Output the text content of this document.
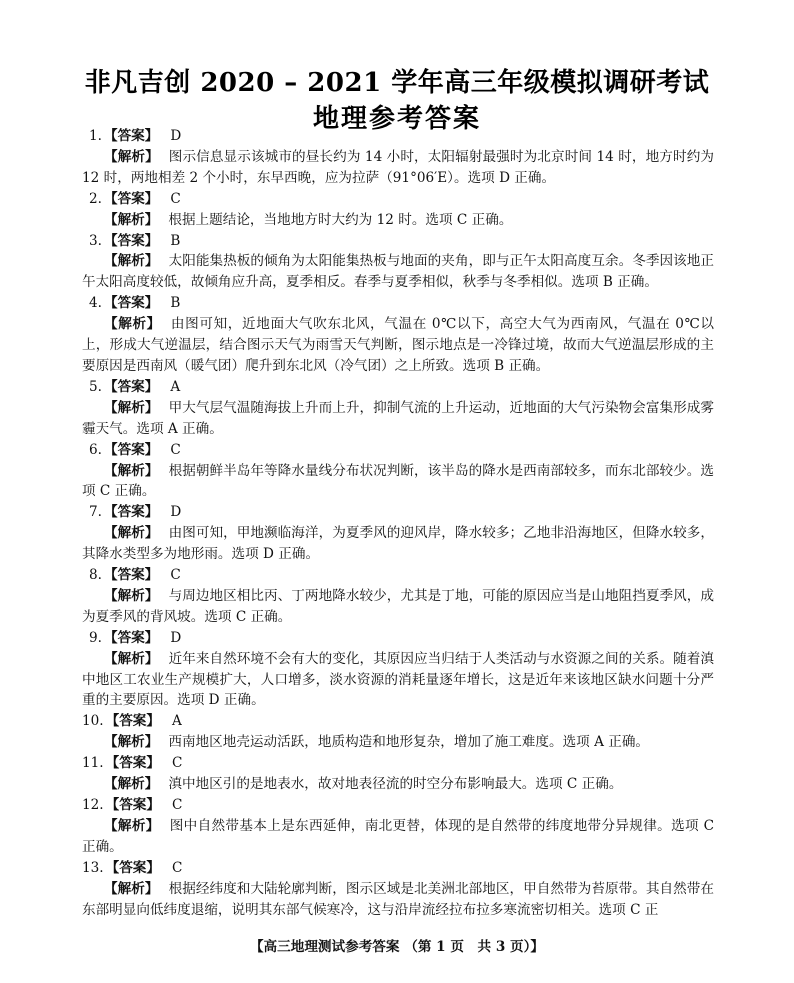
非凡吉创 2020 – 2021 学年高三年级模拟调研考试
地理参考答案
1. 【答案】 D
【解析】 图示信息显示该城市的昼长约为 14 小时，太阳辐射最强时为北京时间 14 时，地方时约为 12 时，两地相差 2 个小时，东早西晚，应为拉萨（91°06′E）。选项 D 正确。
2. 【答案】 C
【解析】 根据上题结论，当地地方时大约为 12 时。选项 C 正确。
3. 【答案】 B
【解析】 太阳能集热板的倾角为太阳能集热板与地面的夹角，即与正午太阳高度互余。冬季因该地正午太阳高度较低，故倾角应升高，夏季相反。春季与夏季相似，秋季与冬季相似。选项 B 正确。
4. 【答案】 B
【解析】 由图可知，近地面大气吹东北风，气温在 0℃以下，高空大气为西南风，气温在 0℃以上，形成大气逆温层，结合图示天气为雨雪天气判断，图示地点是一冷锋过境，故而大气逆温层形成的主要原因是西南风（暖气团）爬升到东北风（冷气团）之上所致。选项 B 正确。
5. 【答案】 A
【解析】 甲大气层气温随海拔上升而上升，抑制气流的上升运动，近地面的大气污染物会富集形成雾霾天气。选项 A 正确。
6. 【答案】 C
【解析】 根据朝鲜半岛年等降水量线分布状况判断，该半岛的降水是西南部较多，而东北部较少。选项 C 正确。
7. 【答案】 D
【解析】 由图可知，甲地濒临海洋，为夏季风的迎风岸，降水较多；乙地非沿海地区，但降水较多，其降水类型多为地形雨。选项 D 正确。
8. 【答案】 C
【解析】 与周边地区相比丙、丁两地降水较少，尤其是丁地，可能的原因应当是山地阻挡夏季风，成为夏季风的背风坡。选项 C 正确。
9. 【答案】 D
【解析】 近年来自然环境不会有大的变化，其原因应当归结于人类活动与水资源之间的关系。随着滇中地区工农业生产规模扩大，人口增多，淡水资源的消耗量逐年增长，这是近年来该地区缺水问题十分严重的主要原因。选项 D 正确。
10. 【答案】 A
【解析】 西南地区地壳运动活跃，地质构造和地形复杂，增加了施工难度。选项 A 正确。
11. 【答案】 C
【解析】 滇中地区引的是地表水，故对地表径流的时空分布影响最大。选项 C 正确。
12. 【答案】 C
【解析】 图中自然带基本上是东西延伸，南北更替，体现的是自然带的纬度地带分异规律。选项 C 正确。
13. 【答案】 C
【解析】 根据经纬度和大陆轮廓判断，图示区域是北美洲北部地区，甲自然带为苔原带。其自然带在东部明显向低纬度退缩，说明其东部气候寒冷，这与沿岸流经拉布拉多寒流密切相关。选项 C 正
【高三地理测试参考答案 （第 1 页　共 3 页）】
